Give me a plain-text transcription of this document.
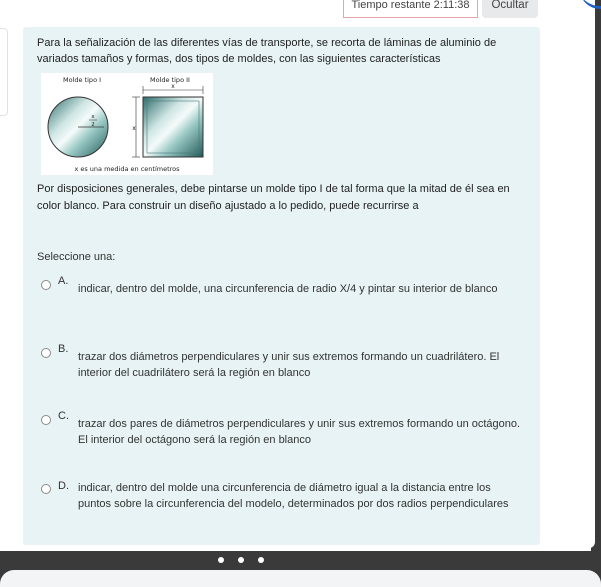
Tiempo restante 2:11:38	Ocultar
Para la señalización de las diferentes vías de transporte, se recorta de láminas de aluminio de variados tamaños y formas, dos tipos de moldes, con las siguientes características
Molde tipo I	Molde tipo II
x
2
x
x
x es una medida en centímetros
Por disposiciones generales, debe pintarse un molde tipo I de tal forma que la mitad de él sea en color blanco. Para construir un diseño ajustado a lo pedido, puede recurrirse a
Seleccione una:
A.
indicar, dentro del molde, una circunferencia de radio X/4 y pintar su interior de blanco
B.
trazar dos diámetros perpendiculares y unir sus extremos formando un cuadrilátero. El interior del cuadrilátero será la región en blanco
C.
trazar dos pares de diámetros perpendiculares y unir sus extremos formando un octágono. El interior del octágono será la región en blanco
D. indicar, dentro del molde una circunferencia de diámetro igual a la distancia entre los puntos sobre la circunferencia del modelo, determinados por dos radios perpendiculares
